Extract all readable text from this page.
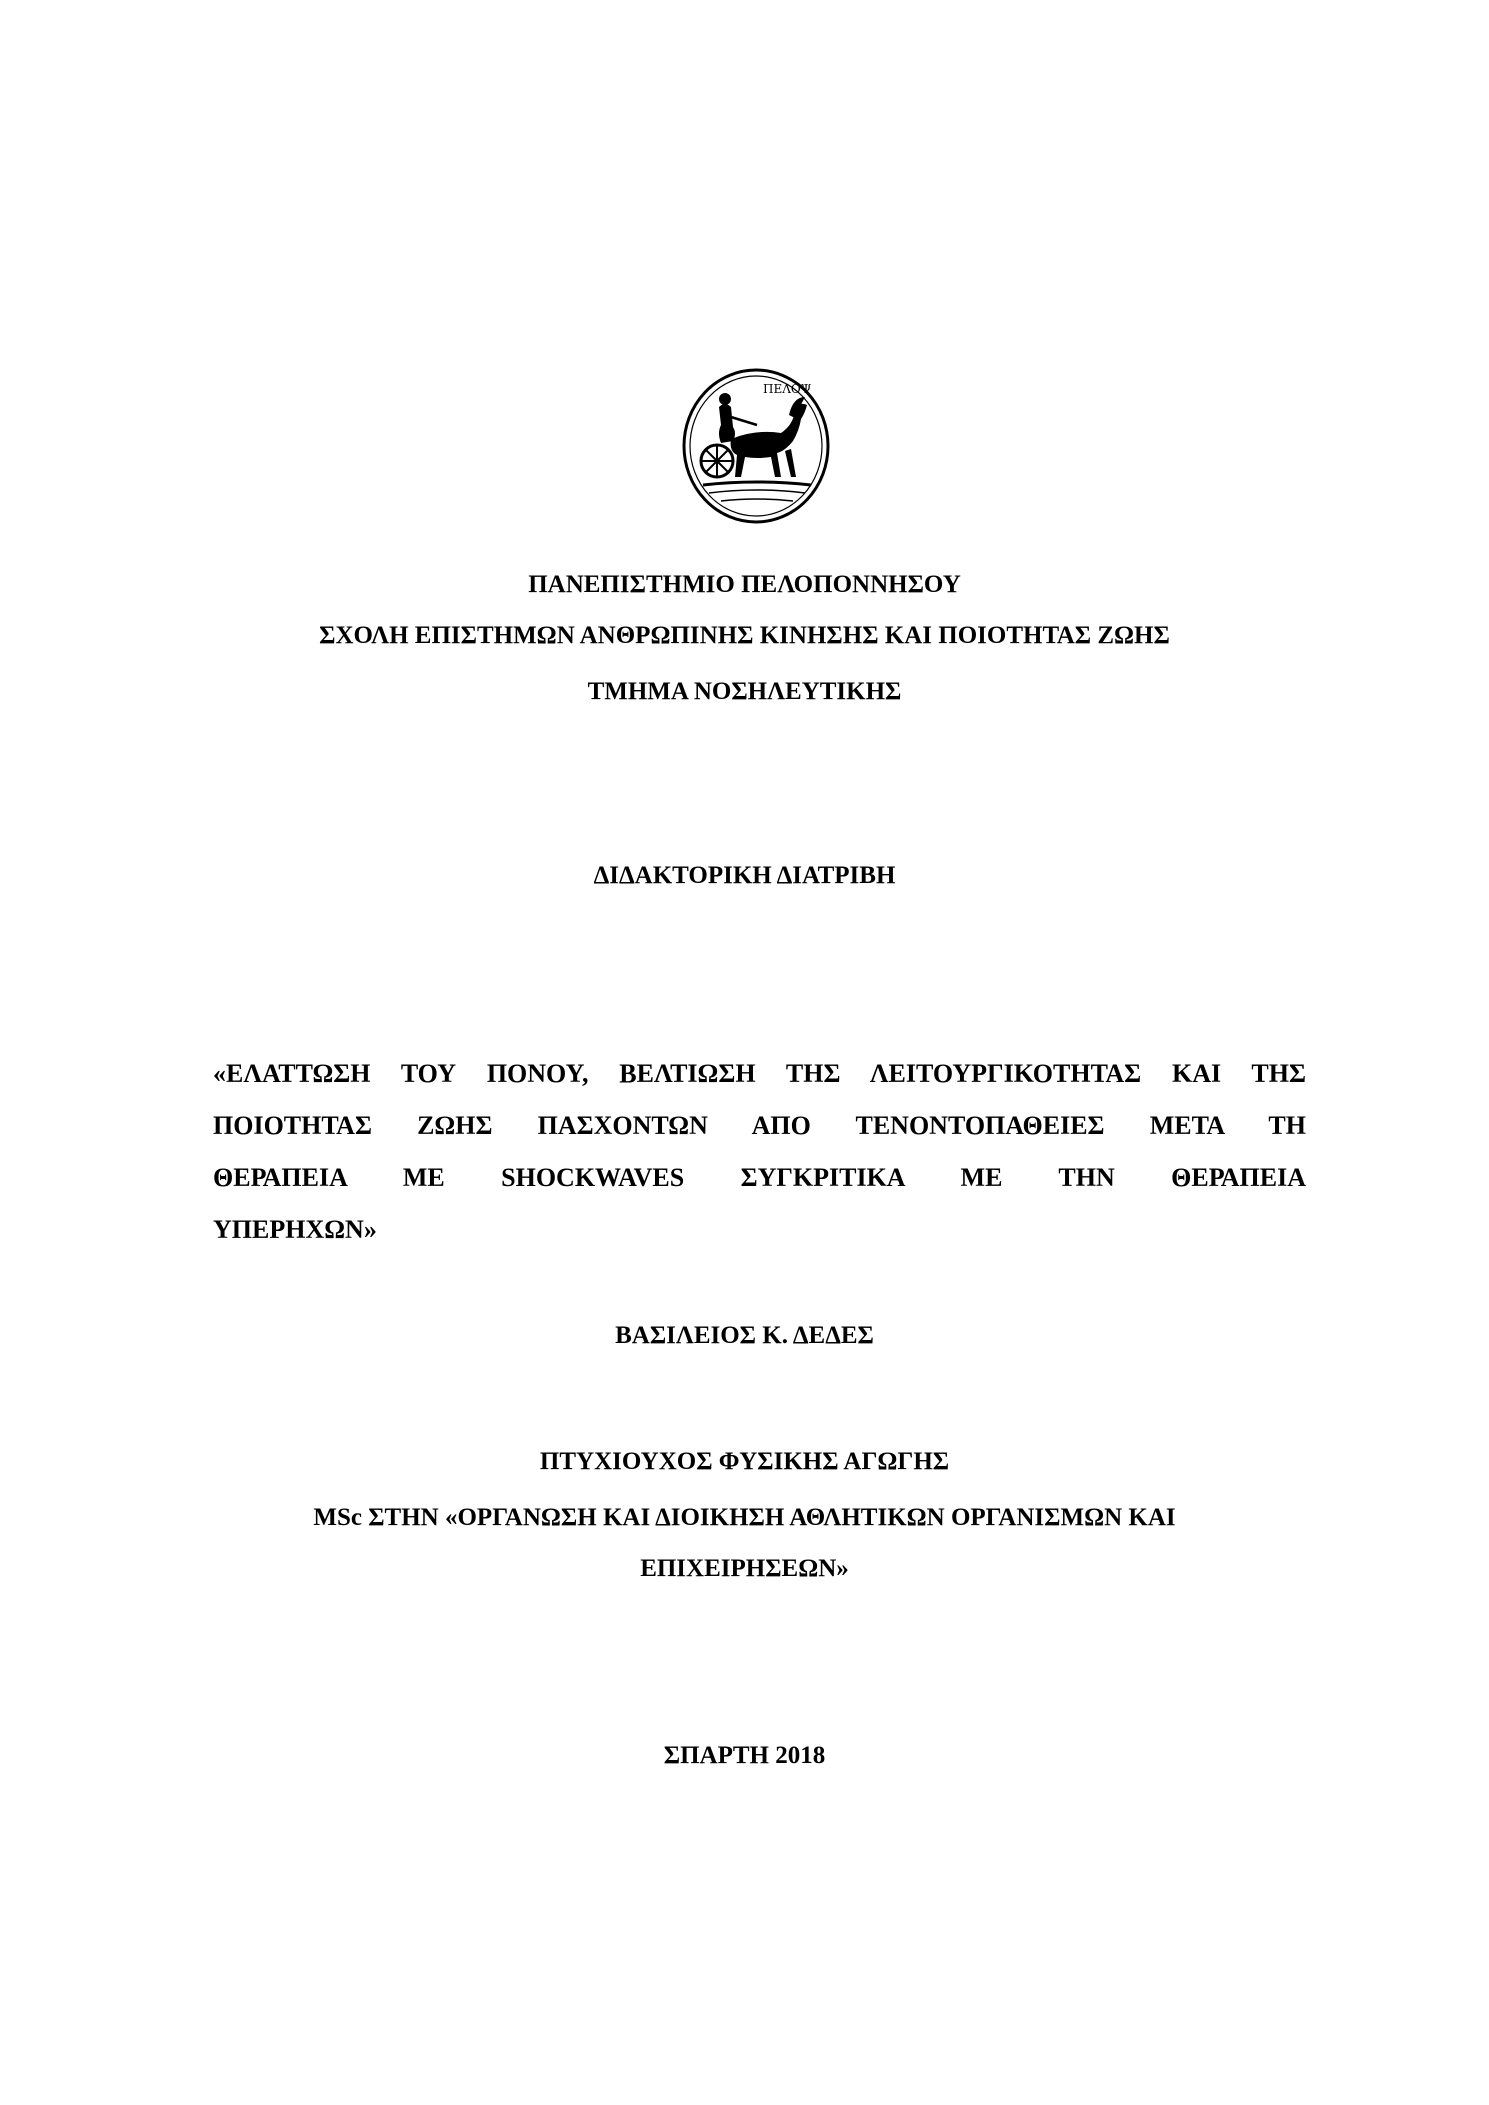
ΠΕΛΟΨ
ΠΑΝΕΠΙΣΤΗΜΙΟ ΠΕΛΟΠΟΝΝΗΣΟΥ
ΣΧΟΛΗ ΕΠΙΣΤΗΜΩΝ ΑΝΘΡΩΠΙΝΗΣ ΚΙΝΗΣΗΣ ΚΑΙ ΠΟΙΟΤΗΤΑΣ ΖΩΗΣ
ΤΜΗΜΑ ΝΟΣΗΛΕΥΤΙΚΗΣ
ΔΙΔΑΚΤΟΡΙΚΗ ΔΙΑΤΡΙΒΗ
«ΕΛΑΤΤΩΣΗ ΤΟΥ ΠΟΝΟΥ, ΒΕΛΤΙΩΣΗ ΤΗΣ ΛΕΙΤΟΥΡΓΙΚΟΤΗΤΑΣ ΚΑΙ ΤΗΣ
ΠΟΙΟΤΗΤΑΣ ΖΩΗΣ ΠΑΣΧΟΝΤΩΝ ΑΠΟ ΤΕΝΟΝΤΟΠΑΘΕΙΕΣ ΜΕΤΑ ΤΗ
ΘΕΡΑΠΕΙΑ ΜΕ SHOCKWAVES ΣΥΓΚΡΙΤΙΚΑ ΜΕ ΤΗΝ ΘΕΡΑΠΕΙΑ
ΥΠΕΡΗΧΩΝ»
ΒΑΣΙΛΕΙΟΣ Κ. ΔΕΔΕΣ
ΠΤΥΧΙΟΥΧΟΣ ΦΥΣΙΚΗΣ ΑΓΩΓΗΣ
MSc ΣΤΗΝ «ΟΡΓΑΝΩΣΗ ΚΑΙ ΔΙΟΙΚΗΣΗ ΑΘΛΗΤΙΚΩΝ ΟΡΓΑΝΙΣΜΩΝ ΚΑΙ
ΕΠΙΧΕΙΡΗΣΕΩΝ»
ΣΠΑΡΤΗ 2018
